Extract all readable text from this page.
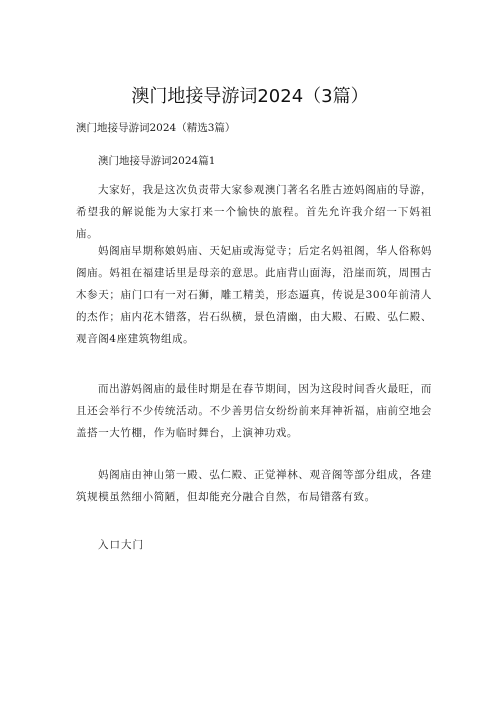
澳门地接导游词2024（3篇）

澳门地接导游词2024（精选3篇）

澳门地接导游词2024篇1

大家好，我是这次负责带大家参观澳门著名名胜古迹妈阁庙的导游，希望我的解说能为大家打来一个愉快的旅程。首先允许我介绍一下妈祖庙。

妈阁庙早期称娘妈庙、天妃庙或海觉寺；后定名妈祖阁，华人俗称妈阁庙。妈祖在福建话里是母亲的意思。此庙背山面海，沿崖而筑，周围古木参天；庙门口有一对石狮，雕工精美，形态逼真，传说是300年前清人的杰作；庙内花木错落，岩石纵横，景色清幽，由大殿、石殿、弘仁殿、观音阁4座建筑物组成。

而出游妈阁庙的最佳时期是在春节期间，因为这段时间香火最旺，而且还会举行不少传统活动。不少善男信女纷纷前来拜神祈福，庙前空地会盖搭一大竹棚，作为临时舞台，上演神功戏。

妈阁庙由神山第一殿、弘仁殿、正觉禅林、观音阁等部分组成，各建筑规模虽然细小简陋，但却能充分融合自然，布局错落有致。

入口大门
